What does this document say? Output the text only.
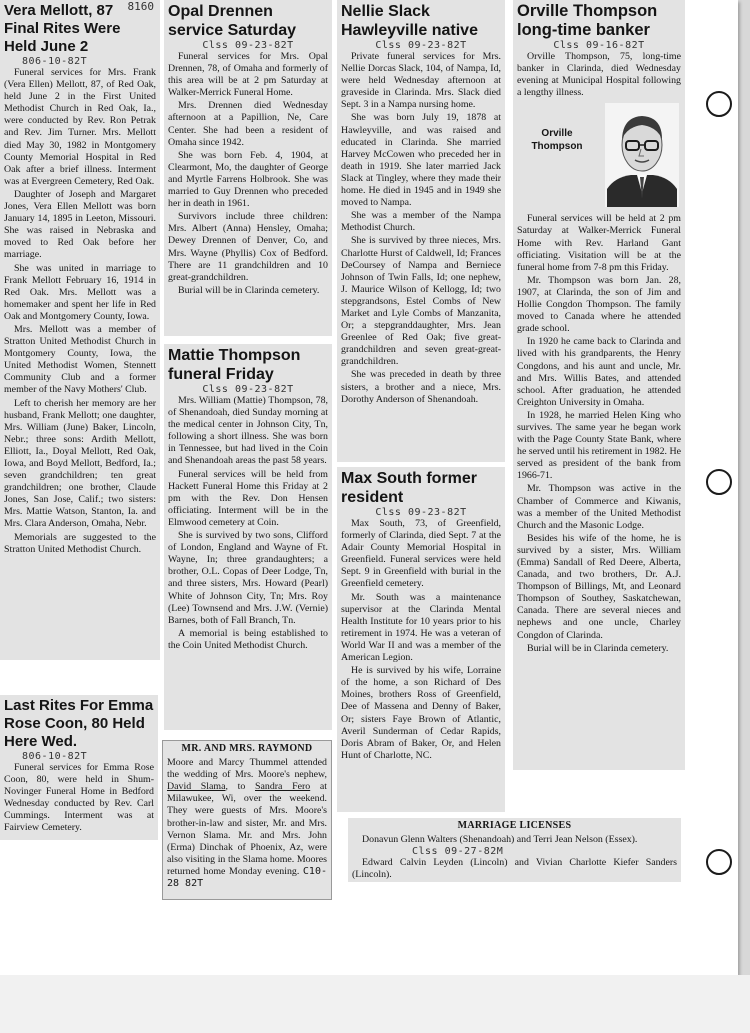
8160
Vera Mellott, 87 Final Rites Were Held June 2
806-10-82T

Funeral services for Mrs. Frank (Vera Ellen) Mellott, 87, of Red Oak, held June 2 in the First United Methodist Church in Red Oak, Ia., were conducted by Rev. Ron Petrak and Rev. Jim Turner. Mrs. Mellott died May 30, 1982 in Montgomery County Memorial Hospital in Red Oak after a brief illness. Interment was at Evergreen Cemetery, Red Oak.

Daughter of Joseph and Margaret Jones, Vera Ellen Mellott was born January 14, 1895 in Leeton, Missouri. She was raised in Nebraska and moved to Red Oak before her marriage.

She was united in marriage to Frank Mellott February 16, 1914 in Red Oak. Mrs. Mellott was a homemaker and spent her life in Red Oak and Montgomery County, Iowa.

Mrs. Mellott was a member of Stratton United Methodist Church in Montgomery County, Iowa, the United Methodist Women, Stennett Community Club and a former member of the Navy Mothers' Club.

Left to cherish her memory are her husband, Frank Mellott; one daughter, Mrs. William (June) Baker, Lincoln, Nebr.; three sons: Ardith Mellott, Elliott, Ia., Doyal Mellott, Red Oak, Iowa, and Boyd Mellott, Bedford, Ia.; seven grandchildren; ten great grandchildren; one brother, Claude Jones, San Jose, Calif.; two sisters: Mrs. Mattie Watson, Stanton, Ia. and Mrs. Clara Anderson, Omaha, Nebr.

Memorials are suggested to the Stratton United Methodist Church.

Last Rites For Emma Rose Coon, 80 Held Here Wed.
806-10-82T

Funeral services for Emma Rose Coon, 80, were held in Shum-Novinger Funeral Home in Bedford Wednesday conducted by Rev. Carl Cummings. Interment was at Fairview Cemetery.

Opal Drennen service Saturday
Clss 09-23-82T

Funeral services for Mrs. Opal Drennen, 78, of Omaha and formerly of this area will be at 2 pm Saturday at Walker-Merrick Funeral Home.

Mrs. Drennen died Wednesday afternoon at a Papillion, Ne, Care Center. She had been a resident of Omaha since 1942.

She was born Feb. 4, 1904, at Clearmont, Mo, the daughter of George and Myrtle Farrens Holbrook. She was married to Guy Drennen who preceded her in death in 1961.

Survivors include three children: Mrs. Albert (Anna) Hensley, Omaha; Dewey Drennen of Denver, Co, and Mrs. Wayne (Phyllis) Cox of Bedford. There are 11 grandchildren and 10 great-grandchildren.

Burial will be in Clarinda cemetery.

Mattie Thompson funeral Friday
Clss 09-23-82T

Mrs. William (Mattie) Thompson, 78, of Shenandoah, died Sunday morning at the medical center in Johnson City, Tn, following a short illness. She was born in Tennessee, but had lived in the Coin and Shenandoah areas the past 58 years.

Funeral services will be held from Hackett Funeral Home this Friday at 2 pm with the Rev. Don Hensen officiating. Interment will be in the Elmwood cemetery at Coin.

She is survived by two sons, Clifford of London, England and Wayne of Ft. Wayne, In; three grandaughters; a brother, O.L. Copas of Deer Lodge, Tn, and three sisters, Mrs. Howard (Pearl) White of Johnson City, Tn; Mrs. Roy (Lee) Townsend and Mrs. J.W. (Vernie) Barnes, both of Fall Branch, Tn.

A memorial is being established to the Coin United Methodist Church.

MR. AND MRS. RAYMOND

Moore and Marcy Thummel attended the wedding of Mrs. Moore's nephew, David Slama, to Sandra Fero at Milawukee, Wi, over the weekend. They were guests of Mrs. Moore's brother-in-law and sister, Mr. and Mrs. Vernon Slama. Mr. and Mrs. John (Erma) Dinchak of Phoenix, Az, were also visiting in the Slama home. Moores returned home Monday evening. C10-28 82T

Nellie Slack Hawleyville native
Clss 09-23-82T

Private funeral services for Mrs. Nellie Dorcas Slack, 104, of Nampa, Id, were held Wednesday afternoon at graveside in Clarinda. Mrs. Slack died Sept. 3 in a Nampa nursing home.

She was born July 19, 1878 at Hawleyville, and was raised and educated in Clarinda. She married Harvey McCowen who preceded her in death in 1919. She later married Jack Slack at Tingley, where they made their home. He died in 1945 and in 1949 she moved to Nampa.

She was a member of the Nampa Methodist Church.

She is survived by three nieces, Mrs. Charlotte Hurst of Caldwell, Id; Frances DeCoursey of Nampa and Berniece Johnson of Twin Falls, Id; one nephew, J. Maurice Wilson of Kellogg, Id; two stepgrandsons, Estel Combs of New Market and Lyle Combs of Manzanita, Or; a stepgranddaughter, Mrs. Jean Greenlee of Red Oak; five great-grandchildren and seven great-great-grandchildren.

She was preceded in death by three sisters, a brother and a niece, Mrs. Dorothy Anderson of Shenandoah.

Max South former resident
Clss 09-23-82T

Max South, 73, of Greenfield, formerly of Clarinda, died Sept. 7 at the Adair County Memorial Hospital in Greenfield. Funeral services were held Sept. 9 in Greenfield with burial in the Greenfield cemetery.

Mr. South was a maintenance supervisor at the Clarinda Mental Health Institute for 10 years prior to his retirement in 1974. He was a veteran of World War II and was a member of the American Legion.

He is survived by his wife, Lorraine of the home, a son Richard of Des Moines, brothers Ross of Greenfield, Dee of Massena and Denny of Baker, Or; sisters Faye Brown of Atlantic, Averil Sunderman of Cedar Rapids, Doris Abram of Baker, Or, and Helen Hunt of Charlotte, NC.

Orville Thompson long-time banker
Clss 09-16-82T

Orville Thompson, 75, long-time banker in Clarinda, died Wednesday evening at Municipal Hospital following a lengthy illness.

Orville Thompson

Funeral services will be held at 2 pm Saturday at Walker-Merrick Funeral Home with Rev. Harland Gant officiating. Visitation will be at the funeral home from 7-8 pm this Friday.

Mr. Thompson was born Jan. 28, 1907, at Clarinda, the son of Jim and Hollie Congdon Thompson. The family moved to Canada where he attended grade school.

In 1920 he came back to Clarinda and lived with his grandparents, the Henry Congdons, and his aunt and uncle, Mr. and Mrs. Willis Bates, and attended school. After graduation, he attended Creighton University in Omaha.

In 1928, he married Helen King who survives. The same year he began work with the Page County State Bank, where he served until his retirement in 1982. He served as president of the bank from 1966-71.

Mr. Thompson was active in the Chamber of Commerce and Kiwanis, was a member of the United Methodist Church and the Masonic Lodge.

Besides his wife of the home, he is survived by a sister, Mrs. William (Emma) Sandall of Red Deere, Alberta, Canada, and two brothers, Dr. A.J. Thompson of Billings, Mt, and Leonard Thompson of Southey, Saskatchewan, Canada. There are several nieces and nephews and one uncle, Charley Congdon of Clarinda.

Burial will be in Clarinda cemetery.

MARRIAGE LICENSES

Donavun Glenn Walters (Shenandoah) and Terri Jean Nelson (Essex).

Clss 09-27-82M

Edward Calvin Leyden (Lincoln) and Vivian Charlotte Kiefer Sanders (Lincoln).
